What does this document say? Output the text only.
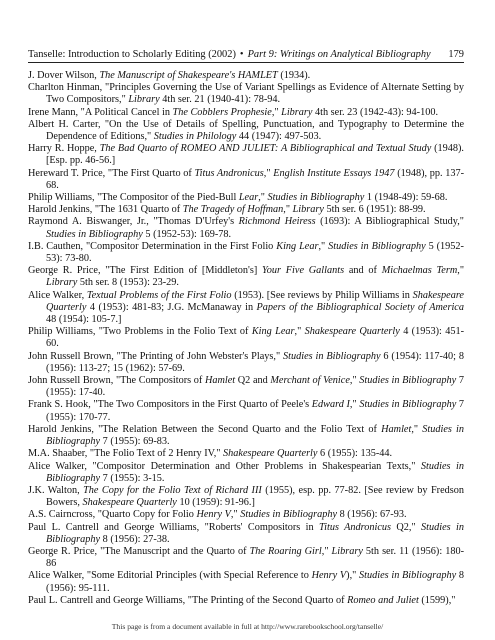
Tanselle: Introduction to Scholarly Editing (2002) • Part 9: Writings on Analytical Bibliography 179

J. Dover Wilson, The Manuscript of Shakespeare's HAMLET (1934).

Charlton Hinman, "Principles Governing the Use of Variant Spellings as Evidence of Alternate Setting by Two Compositors," Library 4th ser. 21 (1940-41): 78-94.

Irene Mann, "A Political Cancel in The Cobblers Prophesie," Library 4th ser. 23 (1942-43): 94-100.

Albert H. Carter, "On the Use of Details of Spelling, Punctuation, and Typography to Determine the Dependence of Editions," Studies in Philology 44 (1947): 497-503.

Harry R. Hoppe, The Bad Quarto of ROMEO AND JULIET: A Bibliographical and Textual Study (1948). [Esp. pp. 46-56.]

Hereward T. Price, "The First Quarto of Titus Andronicus," English Institute Essays 1947 (1948), pp. 137-68.

Philip Williams, "The Compositor of the Pied-Bull Lear," Studies in Bibliography 1 (1948-49): 59-68.

Harold Jenkins, "The 1631 Quarto of The Tragedy of Hoffman," Library 5th ser. 6 (1951): 88-99.

Raymond A. Biswanger, Jr., "Thomas D'Urfey's Richmond Heiress (1693): A Bibliographical Study," Studies in Bibliography 5 (1952-53): 169-78.

I.B. Cauthen, "Compositor Determination in the First Folio King Lear," Studies in Bibliography 5 (1952-53): 73-80.

George R. Price, "The First Edition of [Middleton's] Your Five Gallants and of Michaelmas Term," Library 5th ser. 8 (1953): 23-29.

Alice Walker, Textual Problems of the First Folio (1953). [See reviews by Philip Williams in Shakespeare Quarterly 4 (1953): 481-83; J.G. McManaway in Papers of the Bibliographical Society of America 48 (1954): 105-7.]

Philip Williams, "Two Problems in the Folio Text of King Lear," Shakespeare Quarterly 4 (1953): 451-60.

John Russell Brown, "The Printing of John Webster's Plays," Studies in Bibliography 6 (1954): 117-40; 8 (1956): 113-27; 15 (1962): 57-69.

John Russell Brown, "The Compositors of Hamlet Q2 and Merchant of Venice," Studies in Bibliography 7 (1955): 17-40.

Frank S. Hook, "The Two Compositors in the First Quarto of Peele's Edward I," Studies in Bibliography 7 (1955): 170-77.

Harold Jenkins, "The Relation Between the Second Quarto and the Folio Text of Hamlet," Studies in Bibliography 7 (1955): 69-83.

M.A. Shaaber, "The Folio Text of 2 Henry IV," Shakespeare Quarterly 6 (1955): 135-44.

Alice Walker, "Compositor Determination and Other Problems in Shakespearian Texts," Studies in Bibliography 7 (1955): 3-15.

J.K. Walton, The Copy for the Folio Text of Richard III (1955), esp. pp. 77-82. [See review by Fredson Bowers, Shakespeare Quarterly 10 (1959): 91-96.]

A.S. Cairncross, "Quarto Copy for Folio Henry V," Studies in Bibliography 8 (1956): 67-93.

Paul L. Cantrell and George Williams, "Roberts' Compositors in Titus Andronicus Q2," Studies in Bibliography 8 (1956): 27-38.

George R. Price, "The Manuscript and the Quarto of The Roaring Girl," Library 5th ser. 11 (1956): 180-86

Alice Walker, "Some Editorial Principles (with Special Reference to Henry V)," Studies in Bibliography 8 (1956): 95-111.

Paul L. Cantrell and George Williams, "The Printing of the Second Quarto of Romeo and Juliet (1599),"

This page is from a document available in full at http://www.rarebookschool.org/tanselle/
